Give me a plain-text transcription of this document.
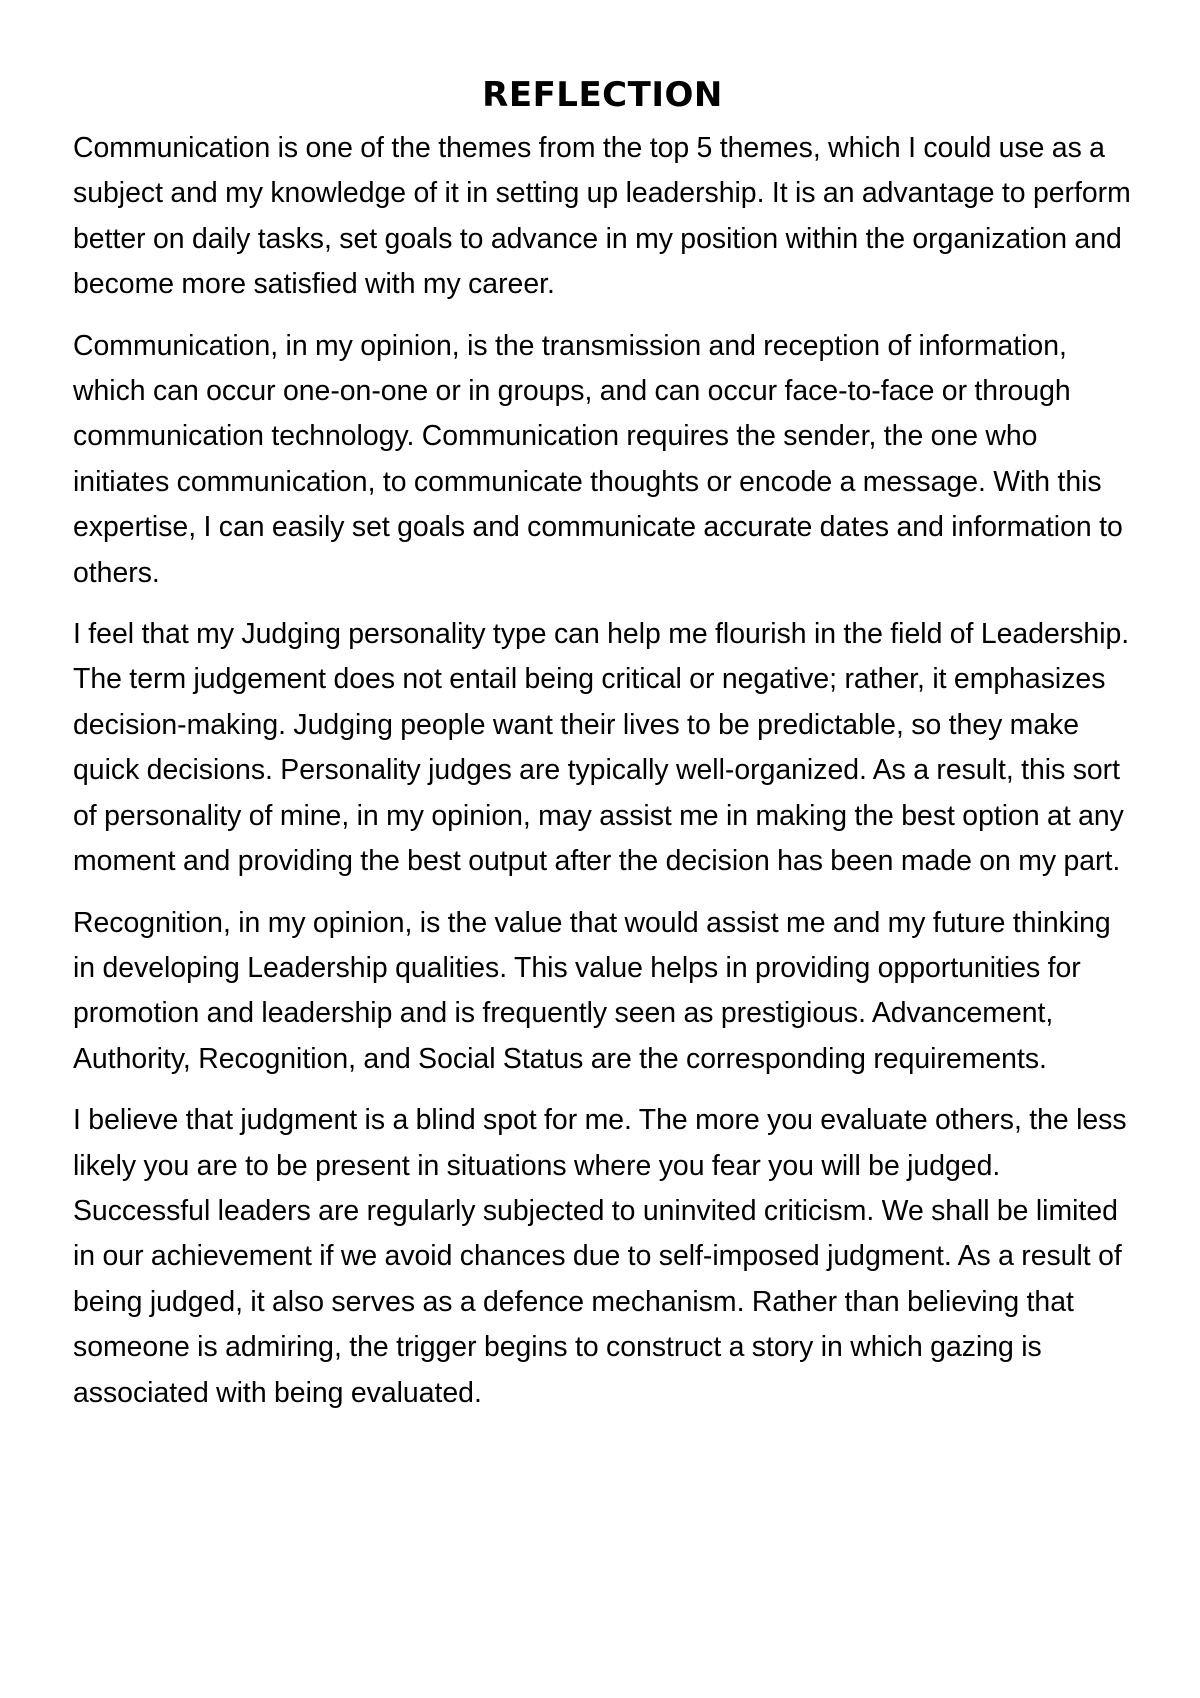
REFLECTION

Communication is one of the themes from the top 5 themes, which I could use as a subject and my knowledge of it in setting up leadership. It is an advantage to perform better on daily tasks, set goals to advance in my position within the organization and become more satisfied with my career.

Communication, in my opinion, is the transmission and reception of information, which can occur one-on-one or in groups, and can occur face-to-face or through communication technology. Communication requires the sender, the one who initiates communication, to communicate thoughts or encode a message. With this expertise, I can easily set goals and communicate accurate dates and information to others.

I feel that my Judging personality type can help me flourish in the field of Leadership. The term judgement does not entail being critical or negative; rather, it emphasizes decision-making. Judging people want their lives to be predictable, so they make quick decisions. Personality judges are typically well-organized. As a result, this sort of personality of mine, in my opinion, may assist me in making the best option at any moment and providing the best output after the decision has been made on my part.

Recognition, in my opinion, is the value that would assist me and my future thinking in developing Leadership qualities. This value helps in providing opportunities for promotion and leadership and is frequently seen as prestigious. Advancement, Authority, Recognition, and Social Status are the corresponding requirements.

I believe that judgment is a blind spot for me. The more you evaluate others, the less likely you are to be present in situations where you fear you will be judged. Successful leaders are regularly subjected to uninvited criticism. We shall be limited in our achievement if we avoid chances due to self-imposed judgment. As a result of being judged, it also serves as a defence mechanism. Rather than believing that someone is admiring, the trigger begins to construct a story in which gazing is associated with being evaluated.
